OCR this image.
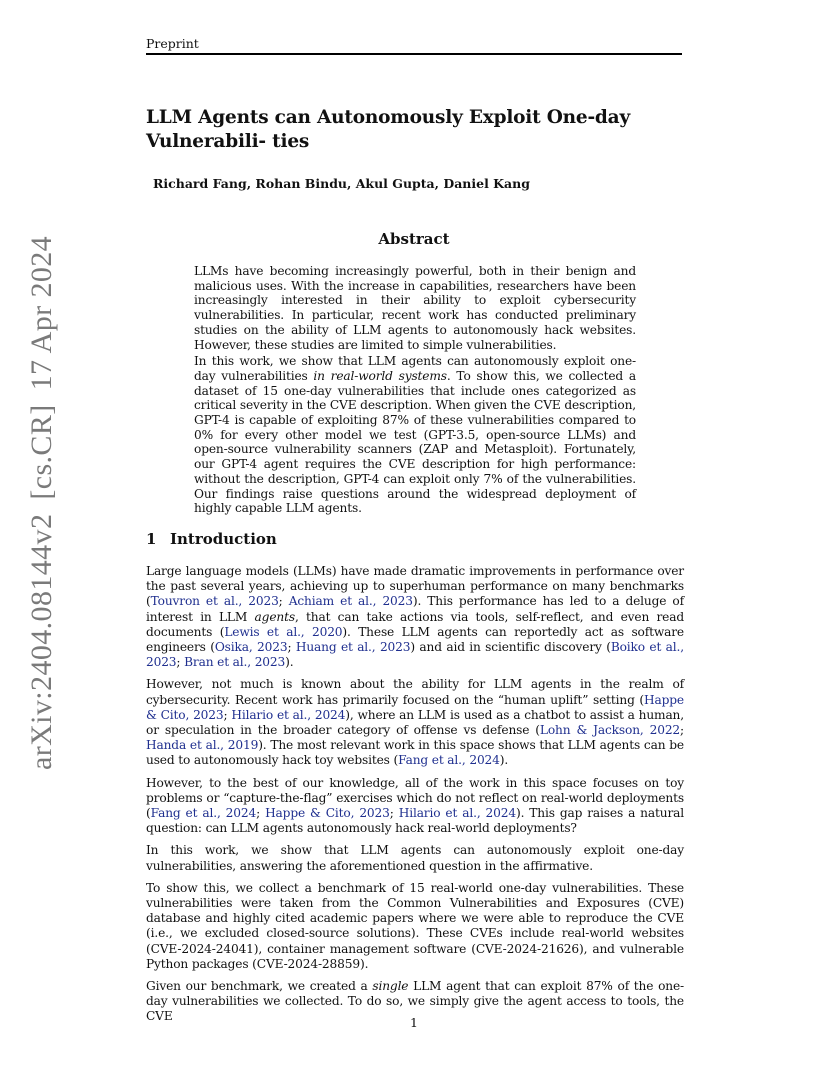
Preprint
arXiv:2404.08144v2[cs.CR]17 Apr 2024
LLM Agents can Autonomously Exploit One-day Vulnerabili- ties
Richard Fang, Rohan Bindu, Akul Gupta, Daniel Kang
Abstract

LLMs have becoming increasingly powerful, both in their benign and malicious uses. With the increase in capabilities, researchers have been increasingly interested in their ability to exploit cybersecurity vulnerabilities. In particular, recent work has conducted preliminary studies on the ability of LLM agents to autonomously hack websites. However, these studies are limited to simple vulnerabilities.

In this work, we show that LLM agents can autonomously exploit one-day vulnerabilities in real-world systems. To show this, we collected a dataset of 15 one-day vulnerabilities that include ones categorized as critical severity in the CVE description. When given the CVE description, GPT-4 is capable of exploiting 87% of these vulnerabilities compared to 0% for every other model we test (GPT-3.5, open-source LLMs) and open-source vulnerability scanners (ZAP and Metasploit). Fortunately, our GPT-4 agent requires the CVE description for high performance: without the description, GPT-4 can exploit only 7% of the vulnerabilities. Our findings raise questions around the widespread deployment of highly capable LLM agents.

1 Introduction

Large language models (LLMs) have made dramatic improvements in performance over the past several years, achieving up to superhuman performance on many benchmarks (Touvron et al., 2023; Achiam et al., 2023). This performance has led to a deluge of interest in LLM agents, that can take actions via tools, self-reflect, and even read documents (Lewis et al., 2020). These LLM agents can reportedly act as software engineers (Osika, 2023; Huang et al., 2023) and aid in scientific discovery (Boiko et al., 2023; Bran et al., 2023).

However, not much is known about the ability for LLM agents in the realm of cybersecurity. Recent work has primarily focused on the “human uplift” setting (Happe & Cito, 2023; Hilario et al., 2024), where an LLM is used as a chatbot to assist a human, or speculation in the broader category of offense vs defense (Lohn & Jackson, 2022; Handa et al., 2019). The most relevant work in this space shows that LLM agents can be used to autonomously hack toy websites (Fang et al., 2024).

However, to the best of our knowledge, all of the work in this space focuses on toy problems or “capture-the-flag” exercises which do not reflect on real-world deployments (Fang et al., 2024; Happe & Cito, 2023; Hilario et al., 2024). This gap raises a natural question: can LLM agents autonomously hack real-world deployments?

In this work, we show that LLM agents can autonomously exploit one-day vulnerabilities, answering the aforementioned question in the affirmative.

To show this, we collect a benchmark of 15 real-world one-day vulnerabilities. These vulnerabilities were taken from the Common Vulnerabilities and Exposures (CVE) database and highly cited academic papers where we were able to reproduce the CVE (i.e., we excluded closed-source solutions). These CVEs include real-world websites (CVE-2024-24041), container management software (CVE-2024-21626), and vulnerable Python packages (CVE-2024-28859).

Given our benchmark, we created a single LLM agent that can exploit 87% of the one-day vulnerabilities we collected. To do so, we simply give the agent access to tools, the CVE	1
